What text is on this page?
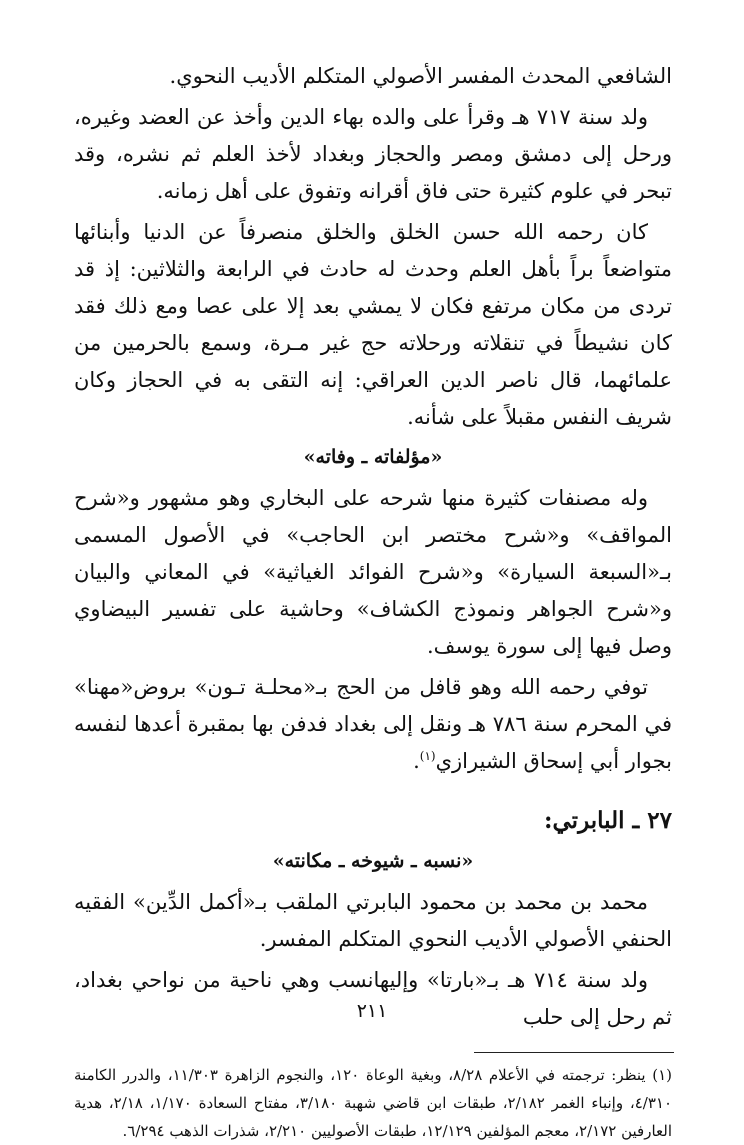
الشافعي المحدث المفسر الأصولي المتكلم الأديب النحوي.

ولد سنة ٧١٧ هـ وقرأ على والده بهاء الدين وأخذ عن العضد وغيره، ورحل إلى دمشق ومصر والحجاز وبغداد لأخذ العلم ثم نشره، وقد تبحر في علوم كثيرة حتى فاق أقرانه وتفوق على أهل زمانه.

كان رحمه الله حسن الخلق والخلق منصرفاً عن الدنيا وأبنائها متواضعاً براً بأهل العلم وحدث له حادث في الرابعة والثلاثين: إذ قد تردى من مكان مرتفع فكان لا يمشي بعد إلا على عصا ومع ذلك فقد كان نشيطاً في تنقلاته ورحلاته حج غير مـرة، وسمع بالحرمين من علمائهما، قال ناصر الدين العراقي: إنه التقى به في الحجاز وكان شريف النفس مقبلاً على شأنه.

«مؤلفاته ـ وفاته»

وله مصنفات كثيرة منها شرحه على البخاري وهو مشهور و«شرح المواقف» و«شرح مختصر ابن الحاجب» في الأصول المسمى بـ«السبعة السيارة» و«شرح الفوائد الغياثية» في المعاني والبيان و«شرح الجواهر ونموذج الكشاف» وحاشية على تفسير البيضاوي وصل فيها إلى سورة يوسف.

توفي رحمه الله وهو قافل من الحج بـ«محلـة تـون» بروض«مهنا» في المحرم سنة ٧٨٦ هـ ونقل إلى بغداد فدفن بها بمقبرة أعدها لنفسه بجوار أبي إسحاق الشيرازي$^{(١)}$.

٢٧ ـ البابرتي:

«نسبه ـ شيوخه ـ مكانته»

محمد بن محمد بن محمود البابرتي الملقب بـ«أكمل الدِّين» الفقيه الحنفي الأصولي الأديب النحوي المتكلم المفسر.

ولد سنة ٧١٤ هـ بـ«بارتا» وإليهانسب وهي ناحية من نواحي بغداد، ثم رحل إلى حلب

(١) ينظر: ترجمته في الأعلام ٨/٢٨، وبغية الوعاة ١٢٠، والنجوم الزاهرة ١١/٣٠٣، والدرر الكامنة ٤/٣١٠، وإنباء الغمر ٢/١٨٢، طبقات ابن قاضي شهبة ٣/١٨٠، مفتاح السعادة ١/١٧٠، ٢/١٨، هدية العارفين ٢/١٧٢، معجم المؤلفين ١٢/١٢٩، طبقات الأصوليين ٢/٢١٠، شذرات الذهب ٦/٢٩٤.

٢١١
